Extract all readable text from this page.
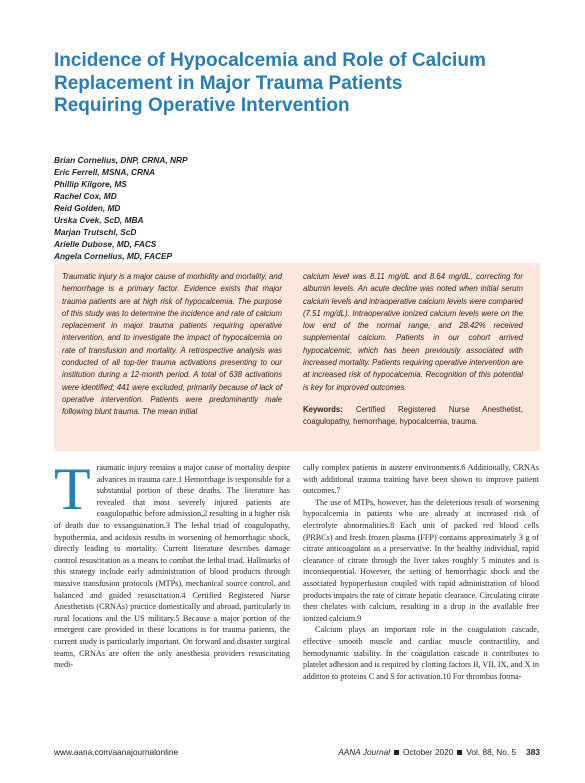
Incidence of Hypocalcemia and Role of Calcium
Replacement in Major Trauma Patients
Requiring Operative Intervention
Brian Cornelius, DNP, CRNA, NRP
Eric Ferrell, MSNA, CRNA
Phillip Kilgore, MS
Rachel Cox, MD
Reid Golden, MD
Urska Cvek, ScD, MBA
Marjan Trutschl, ScD
Arielle Dubose, MD, FACS
Angela Cornelius, MD, FACEP
Traumatic injury is a major cause of morbidity and mortality, and hemorrhage is a primary factor. Evidence exists that major trauma patients are at high risk of hypocalcemia. The purpose of this study was to determine the incidence and rate of calcium replacement in major trauma patients requiring operative intervention, and to investigate the impact of hypocalcemia on rate of transfusion and mortality. A retrospective analysis was conducted of all top-tier trauma activations presenting to our institution during a 12-month period. A total of 638 activations were identified; 441 were excluded, primarily because of lack of operative intervention. Patients were predominantly male following blunt trauma. The mean initial
calcium level was 8.11 mg/dL and 8.64 mg/dL, correcting for albumin levels. An acute decline was noted when initial serum calcium levels and intraoperative calcium levels were compared (7.51 mg/dL). Intraoperative ionized calcium levels were on the low end of the normal range, and 28.42% received supplemental calcium. Patients in our cohort arrived hypocalcemic, which has been previously associated with increased mortality. Patients requiring operative intervention are at increased risk of hypocalcemia. Recognition of this potential is key for improved outcomes.
Keywords: Certified Registered Nurse Anesthetist, coagulopathy, hemorrhage, hypocalcemia, trauma.
T raumatic injury remains a major cause of mortality despite advances in trauma care.1 Hemorrhage is responsible for a substantial portion of these deaths. The literature has revealed that most severely injured patients are coagulopathic before admission,2 resulting in a higher risk of death due to exsanguination.3 The lethal triad of coagulopathy, hypothermia, and acidosis results in worsening of hemorrhagic shock, directly leading to mortality. Current literature describes damage control resuscitation as a means to combat the lethal triad. Hallmarks of this strategy include early administration of blood products through massive transfusion protocols (MTPs), mechanical source control, and balanced and guided resuscitation.4 Certified Registered Nurse Anesthetists (CRNAs) practice domestically and abroad, particularly in rural locations and the US military.5 Because a major portion of the emergent care provided in these locations is for trauma patients, the current study is particularly important. On forward and disaster surgical teams, CRNAs are often the only anesthesia providers resuscitating medi-

cally complex patients in austere environments.6 Additionally, CRNAs with additional trauma training have been shown to improve patient outcomes.7

The use of MTPs, however, has the deleterious result of worsening hypocalcemia in patients who are already at increased risk of electrolyte abnormalities.8 Each unit of packed red blood cells (PRBCs) and fresh frozen plasma (FFP) contains approximately 3 g of citrate anticoagulant as a preservative. In the healthy individual, rapid clearance of citrate through the liver takes roughly 5 minutes and is inconsequential. However, the setting of hemorrhagic shock and the associated hypoperfusion coupled with rapid administration of blood products impairs the rate of citrate hepatic clearance. Circulating citrate then chelates with calcium, resulting in a drop in the available free ionized calcium.9

Calcium plays an important role in the coagulation cascade, effective smooth muscle and cardiac muscle contractility, and hemodynamic stability. In the coagulation cascade it contributes to platelet adhesion and is required by clotting factors II, VII, IX, and X in addition to proteins C and S for activation.10 For thrombus forma-

www.aana.com/aanajournalonline	AANA Journal October 2020 Vol. 88, No. 5 383
